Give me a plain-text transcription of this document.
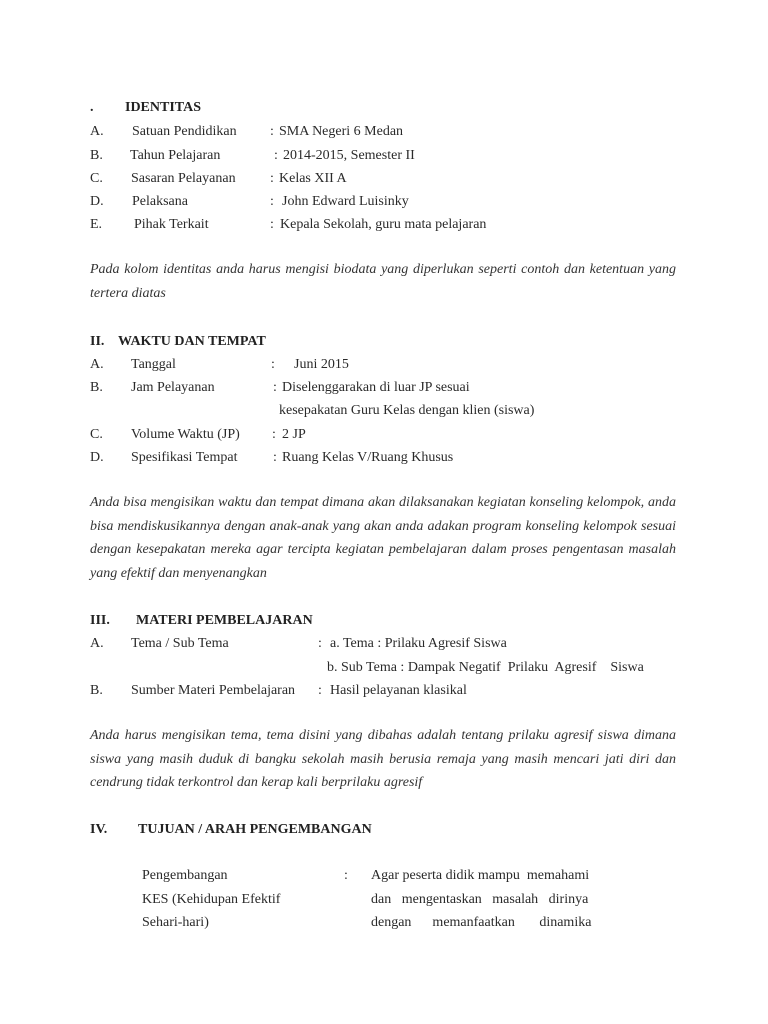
. IDENTITAS
A. Satuan Pendidikan : SMA Negeri 6 Medan
B. Tahun Pelajaran	: 2014-2015, Semester II
C. Sasaran Pelayanan : Kelas XII A
D. Pelaksana	: John Edward Luisinky
E. Pihak Terkait	: Kepala Sekolah, guru mata pelajaran

Pada kolom identitas anda harus mengisi biodata yang diperlukan seperti contoh dan ketentuan yang tertera diatas

II. WAKTU DAN TEMPAT
A. Tanggal	: Juni 2015
B. Jam Pelayanan	: Diselenggarakan di luar JP sesuai
kesepakatan Guru Kelas dengan klien (siswa)
C. Volume Waktu (JP) : 2 JP
D. Spesifikasi Tempat	: Ruang Kelas V/Ruang Khusus

Anda bisa mengisikan waktu dan tempat dimana akan dilaksanakan kegiatan konseling kelompok, anda bisa mendiskusikannya dengan anak-anak yang akan anda adakan program konseling kelompok sesuai dengan kesepakatan mereka agar tercipta kegiatan pembelajaran dalam proses pengentasan masalah yang efektif dan menyenangkan

III. MATERI PEMBELAJARAN
A. Tema / Sub Tema	: a. Tema : Prilaku Agresif Siswa
b. Sub Tema : Dampak Negatif  Prilaku  Agresif    Siswa
B. Sumber Materi Pembelajaran : Hasil pelayanan klasikal

Anda harus mengisikan tema, tema disini yang dibahas adalah tentang prilaku agresif siswa dimana siswa yang masih duduk di bangku sekolah masih berusia remaja yang masih mencari jati diri dan cendrung tidak terkontrol dan kerap kali berprilaku agresif

IV. TUJUAN / ARAH PENGEMBANGAN
Pengembangan
KES (Kehidupan Efektif
Sehari-hari)
: Agar peserta didik mampu  memahami
dan   mengentaskan   masalah   dirinya
dengan      memanfaatkan       dinamika
